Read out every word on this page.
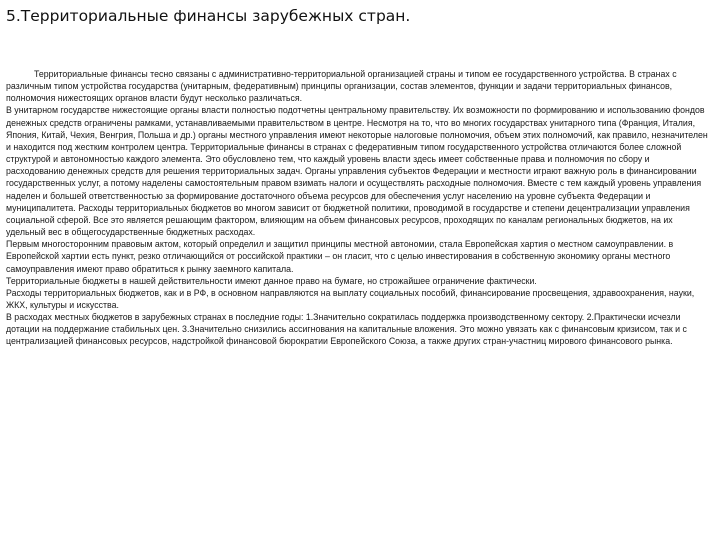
5.Территориальные финансы зарубежных стран.

Территориальные финансы тесно связаны с административно-территориальной организацией страны и типом ее государственного устройства. В странах с различным типом устройства государства (унитарным, федеративным) принципы организации, состав элементов, функции и задачи территориальных финансов, полномочия нижестоящих органов власти будут несколько различаться.

В унитарном государстве нижестоящие органы власти полностью подотчетны центральному правительству. Их возможности по формированию и использованию фондов денежных средств ограничены рамками, устанавливаемыми правительством в центре. Несмотря на то, что во многих государствах унитарного типа (Франция, Италия, Япония, Китай, Чехия, Венгрия, Польша и др.) органы местного управления имеют некоторые налоговые полномочия, объем этих полномочий, как правило, незначителен и находится под жестким контролем центра. Территориальные финансы в странах с федеративным типом государственного устройства отличаются более сложной структурой и автономностью каждого элемента. Это обусловлено тем, что каждый уровень власти здесь имеет собственные права и полномочия по сбору и расходованию денежных средств для решения территориальных задач. Органы управления субъектов Федерации и местности играют важную роль в финансировании государственных услуг, а потому наделены самостоятельным правом взимать налоги и осуществлять расходные полномочия. Вместе с тем каждый уровень управления наделен и большей ответственностью за формирование достаточного объема ресурсов для обеспечения услуг населению на уровне субъекта Федерации и муниципалитета. Расходы территориальных бюджетов во многом зависит от бюджетной политики, проводимой в государстве и степени децентрализации управления социальной сферой. Все это является решающим фактором, влияющим на объем финансовых ресурсов, проходящих по каналам региональных бюджетов, на их удельный вес в общегосударственные бюджетных расходах.

Первым многосторонним правовым актом, который определил и защитил принципы местной автономии, стала Европейская хартия о местном самоуправлении. в Европейской хартии есть пункт, резко отличающийся от российской практики – он гласит, что с целью инвестирования в собственную экономику органы местного самоуправления имеют право обратиться к рынку заемного капитала.

Территориальные бюджеты в нашей действительности имеют данное право на бумаге, но строжайшее ограничение фактически.

Расходы территориальных бюджетов, как и в РФ, в основном направляются на выплату социальных пособий, финансирование просвещения, здравоохранения, науки, ЖКХ, культуры и искусства.

В расходах местных бюджетов в зарубежных странах в последние годы: 1.Значительно сократилась поддержка производственному сектору. 2.Практически исчезли дотации на поддержание стабильных цен. 3.Значительно снизились ассигнования на капитальные вложения. Это можно увязать как с финансовым кризисом, так и с централизацией финансовых ресурсов, надстройкой финансовой бюрократии Европейского Союза, а также других стран-участниц мирового финансового рынка.
